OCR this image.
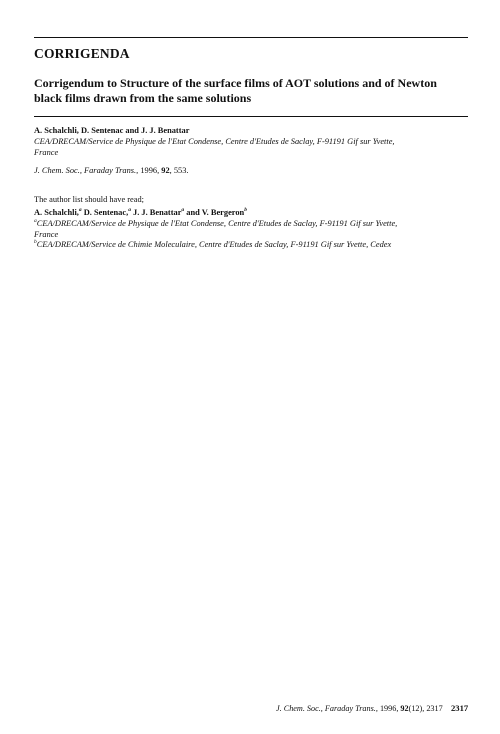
CORRIGENDA
Corrigendum to Structure of the surface films of AOT solutions and of Newton black films drawn from the same solutions
A. Schalchli, D. Sentenac and J. J. Benattar
CEA/DRECAM/Service de Physique de l'Etat Condense, Centre d'Etudes de Saclay, F-91191 Gif sur Yvette, France
J. Chem. Soc., Faraday Trans., 1996, 92, 553.
The author list should have read;
A. Schalchli,$^a$ D. Sentenac,$^a$ J. J. Benattar$^a$ and V. Bergeron$^b$
$^a$CEA/DRECAM/Service de Physique de l'Etat Condense, Centre d'Etudes de Saclay, F-91191 Gif sur Yvette, France
$^b$CEA/DRECAM/Service de Chimie Moleculaire, Centre d'Etudes de Saclay, F-91191 Gif sur Yvette, Cedex
J. Chem. Soc., Faraday Trans., 1996, 92(12), 2317 2317
